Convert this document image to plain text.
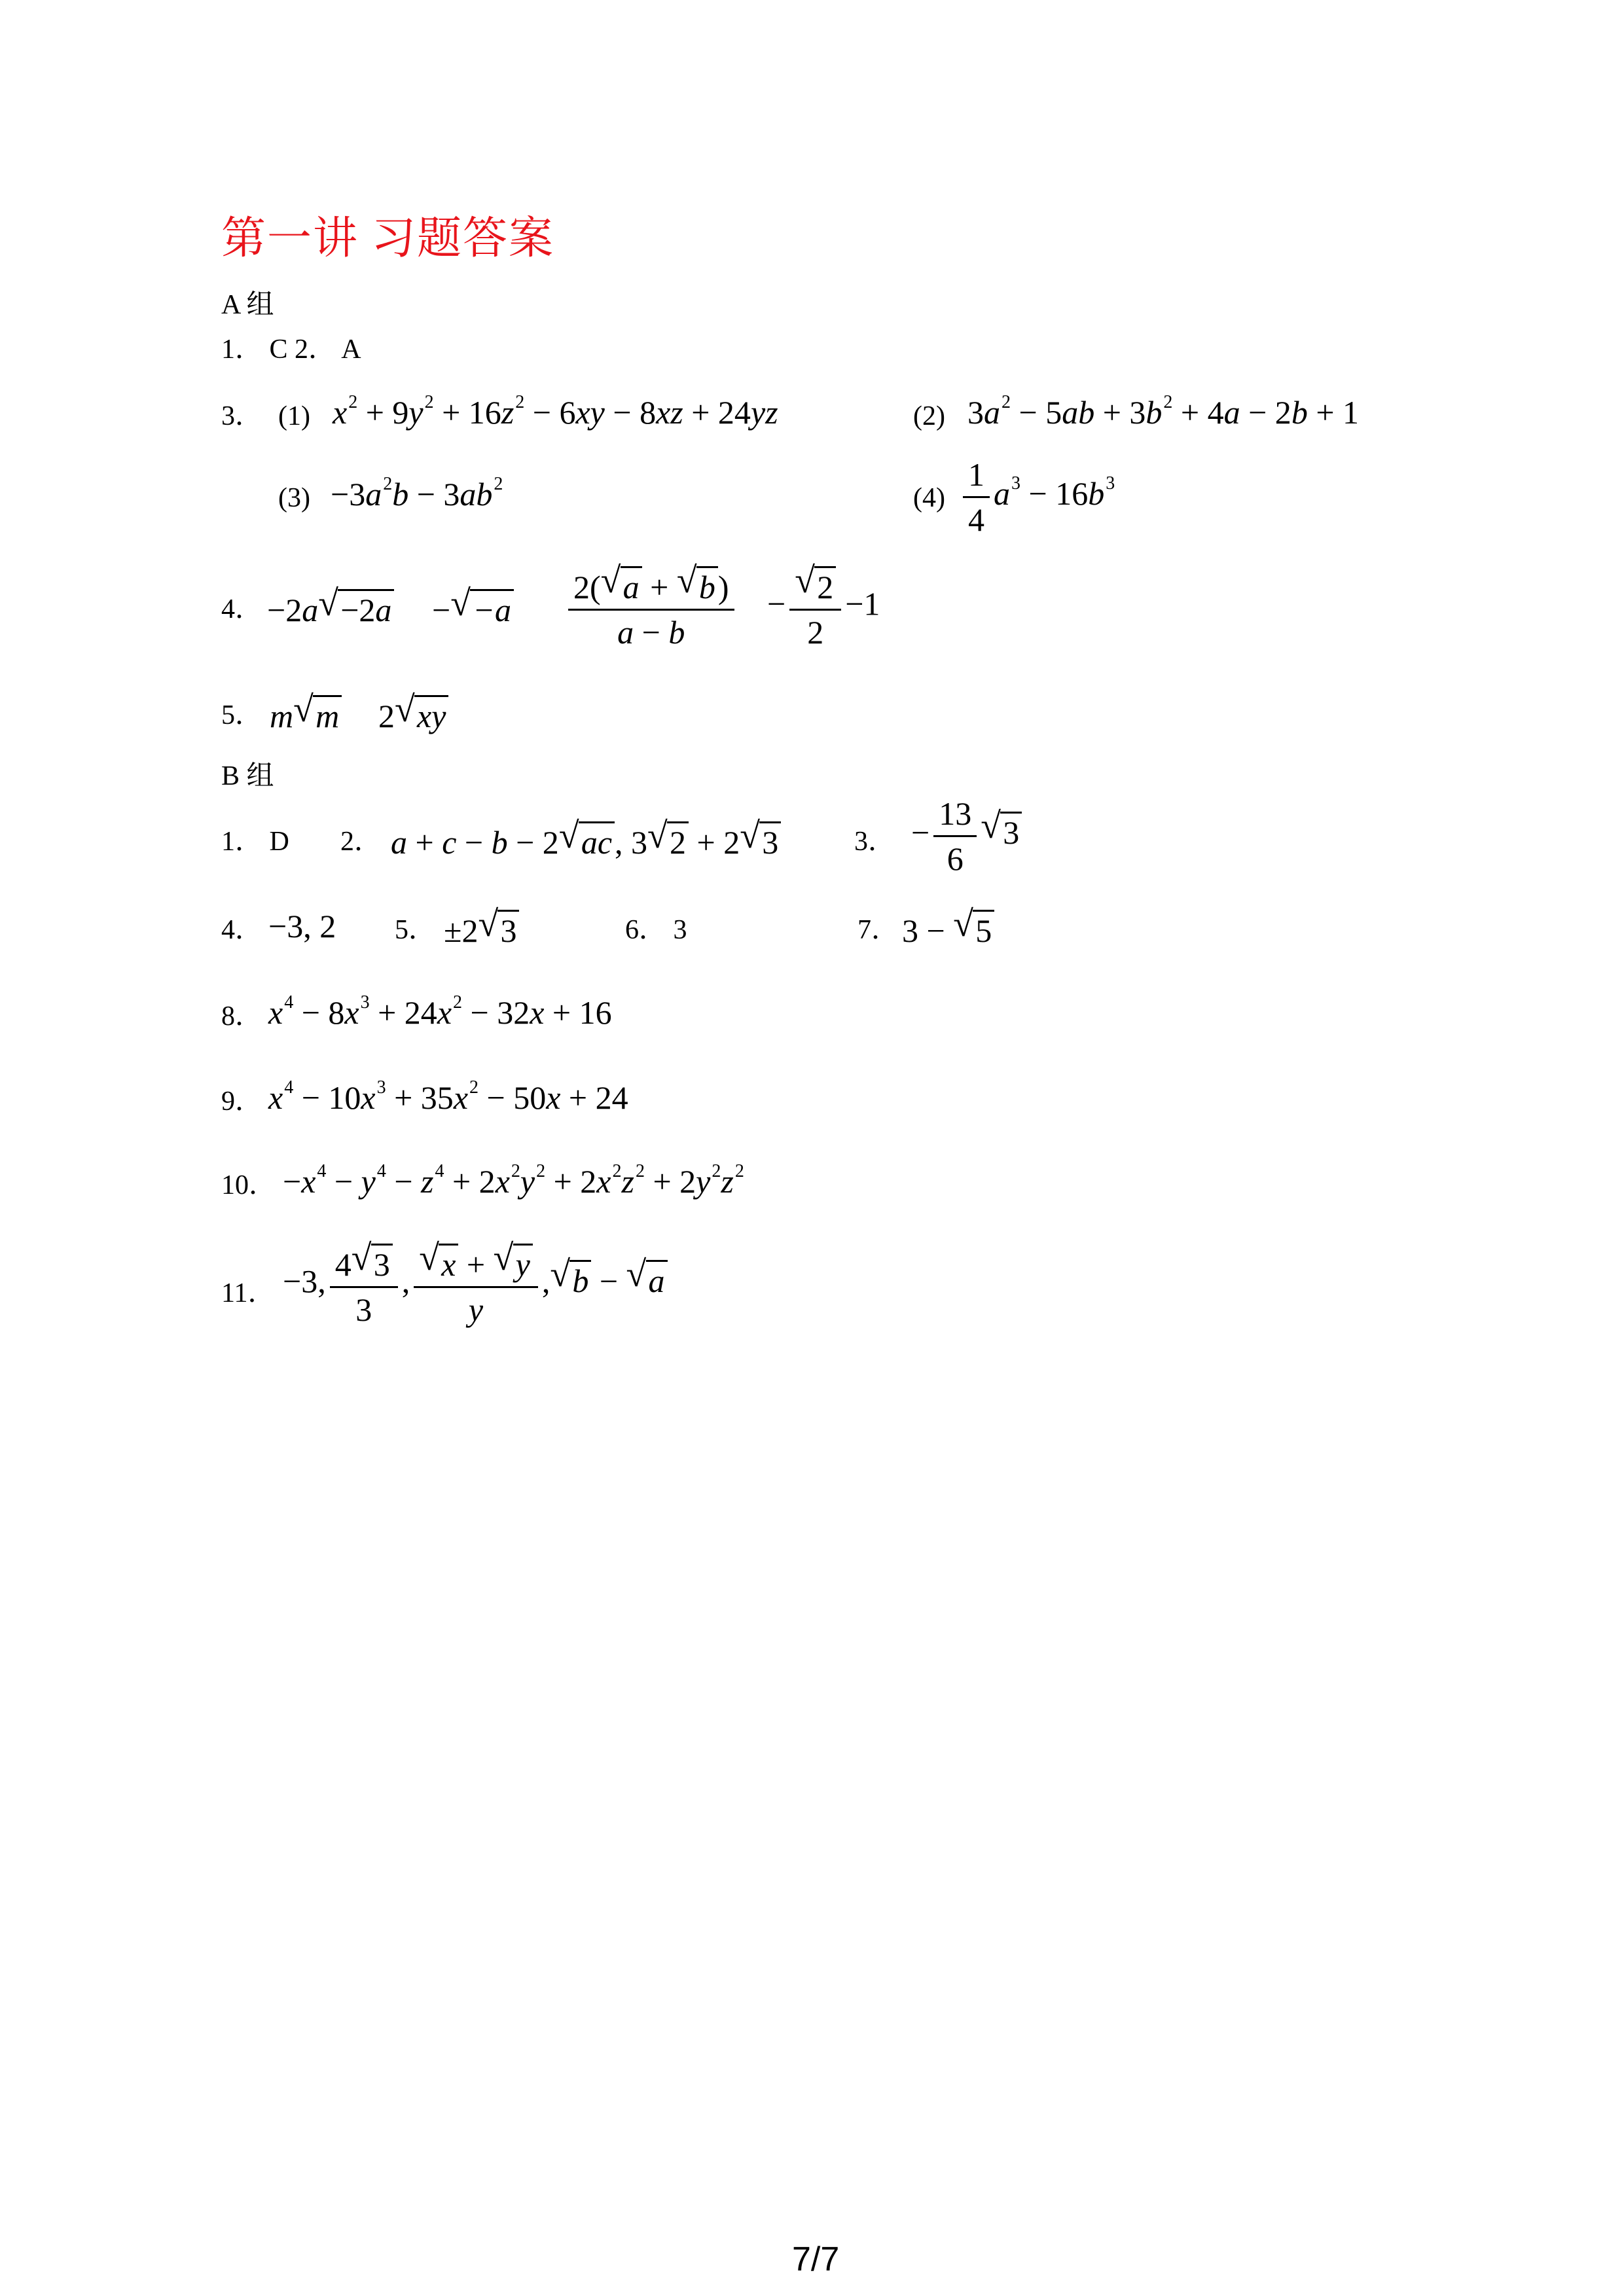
第一讲 习题答案
A 组
1． C 2． A
3． (1) $x^2 + 9y^2 + 16z^2 - 6xy - 8xz + 24yz$	(2) $3a^2 - 5ab + 3b^2 + 4a - 2b + 1$
$(3) -3a^2b - 3ab^2$	$(4) \frac{1}{4} a^3 - 16b^3$
4． −2a √ −2a − √ $-a \frac{2( √ a + √ b)}{a - b}$ − √ $\frac{2}{2} -1$
5． m √ m 2 √ xy
B 组
1． D 2． a + c − b − 2 √ ac, 3 √ 2 + 2 √ 3	3． − $\frac{13}{6}$ √ 3
4． −3, 2 5． ±2 √ 3	6． 3	7． 3 − √ 5
8． $x^4 - 8x^3 + 24x^2 - 32x + 16$
9． $x^4 - 10x^3 + 35x^2 - 50x + 24$
10． $-x^4 - y^4 - z^4 + 2x^2y^2 + 2x^2z^2 + 2y^2z^2$
11． −3, $\frac{4 √ 3}{3}$ , √ $\frac{x + √ y}{y}$ , √ b − √ a
7/7
